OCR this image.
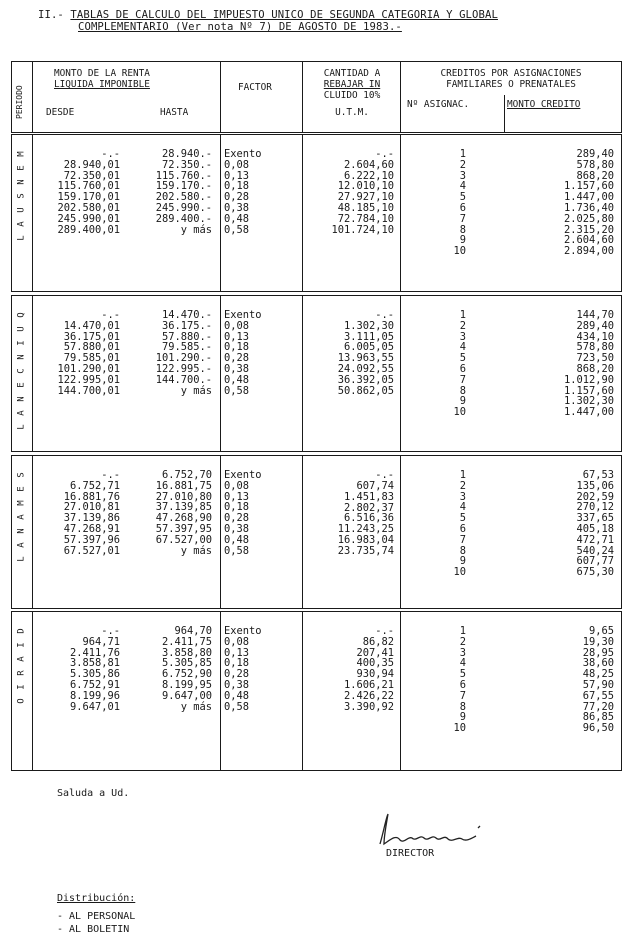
II.- TABLAS DE CALCULO DEL IMPUESTO UNICO DE SEGUNDA CATEGORIA Y GLOBAL
COMPLEMENTARIO (Ver nota Nº 7) DE AGOSTO DE 1983.-
PERIODO
MONTO DE LA RENTA
LIQUIDA IMPONIBLE
DESDE	HASTA
FACTOR
CANTIDAD A
REBAJAR IN
CLUIDO 10%
U.T.M.
CREDITOS POR ASIGNACIONES
FAMILIARES O PRENATALES
Nº ASIGNAC.	MONTO CREDITO
M
E
N
S
U
A
L
-.-
28.940,01
72.350,01
115.760,01
159.170,01
202.580,01
245.990,01
289.400,01
28.940.-
72.350.-
115.760.-
159.170.-
202.580.-
245.990.-
289.400.-
y más
Exento
0,08
0,13
0,18
0,28
0,38
0,48
0,58
-.-
2.604,60
6.222,10
12.010,10
27.927,10
48.185,10
72.784,10
101.724,10
1
2
3
4
5
6
7
8
9
10
289,40
578,80
868,20
1.157,60
1.447,00
1.736,40
2.025,80
2.315,20
2.604,60
2.894,00
Q
U
I
N
C
E
N
A
L
-.-
14.470,01
36.175,01
57.880,01
79.585,01
101.290,01
122.995,01
144.700,01
14.470.-
36.175.-
57.880.-
79.585.-
101.290.-
122.995.-
144.700.-
y más
Exento
0,08
0,13
0,18
0,28
0,38
0,48
0,58
-.-
1.302,30
3.111,05
6.005,05
13.963,55
24.092,55
36.392,05
50.862,05
1
2
3
4
5
6
7
8
9
10
144,70
289,40
434,10
578,80
723,50
868,20
1.012,90
1.157,60
1.302,30
1.447,00
S
E
M
A
N
A
L
-.-
6.752,71
16.881,76
27.010,81
37.139,86
47.268,91
57.397,96
67.527,01
6.752,70
16.881,75
27.010,80
37.139,85
47.268,90
57.397,95
67.527,00
y más
Exento
0,08
0,13
0,18
0,28
0,38
0,48
0,58
607,74
1.451,83
2.802,37
6.516,36
11.243,25
16.983,04
23.735,74
1
2
3
4
5
6
7
8
9
10
67,53
135,06
202,59
270,12
337,65
405,18
472,71
540,24
607,77
675,30
-.-
D
I
A
R
I
O
-.-
964,71
2.411,76
3.858,81
5.305,86
6.752,91
8.199,96
9.647,01
964,70
2.411,75
3.858,80
5.305,85
6.752,90
8.199,95
9.647,00
y más
Exento
0,08
0,13
0,18
0,28
0,38
0,48
0,58
-.-
86,82
207,41
400,35
930,94
1.606,21
2.426,22
3.390,92
1
2
3
4
5
6
7
8
9
10
9,65
19,30
28,95
38,60
48,25
57,90
67,55
77,20
86,85
96,50
Saluda a Ud.
DIRECTOR
Distribución:
- AL PERSONAL
- AL BOLETIN
